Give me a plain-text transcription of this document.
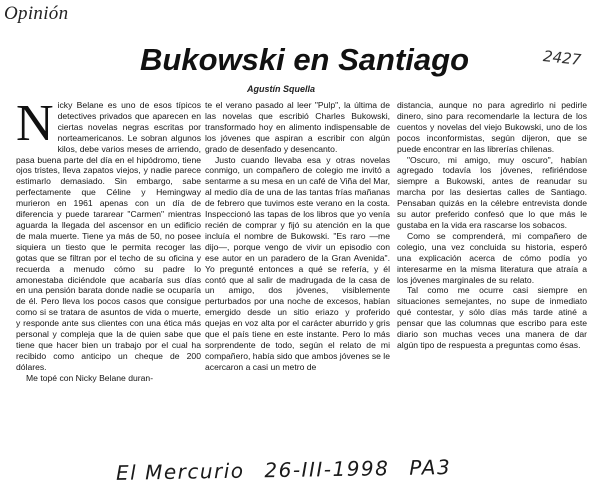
Opinión
2427
Bukowski en Santiago
Agustín Squella
N icky Belane es uno de esos típicos detectives privados que aparecen en ciertas novelas negras escritas por norteamericanos. Le sobran algunos kilos, debe varios meses de arriendo, pasa buena parte del día en el hipódromo, tiene ojos tristes, lleva zapatos viejos, y nadie parece estimarlo demasiado. Sin embargo, sabe perfectamente que Céline y Hemingway murieron en 1961 apenas con un día de diferencia y puede tararear "Carmen" mientras aguarda la llegada del ascensor en un edificio de mala muerte. Tiene ya más de 50, no posee siquiera un tiesto que le permita recoger las gotas que se filtran por el techo de su oficina y recuerda a menudo cómo su padre lo amonestaba diciéndole que acabaría sus días en una pensión barata donde nadie se ocuparía de él. Pero lleva los pocos casos que consigue como si se tratara de asuntos de vida o muerte, y responde ante sus clientes con una ética más personal y compleja que la de quien sabe que tiene que hacer bien un trabajo por el cual ha recibido como anticipo un cheque de 200 dólares.

Me topé con Nicky Belane duran-

te el verano pasado al leer "Pulp", la última de las novelas que escribió Charles Bukowski, transformado hoy en alimento indispensable de los jóvenes que aspiran a escribir con algún grado de desenfado y desencanto.

Justo cuando llevaba esa y otras novelas conmigo, un compañero de colegio me invitó a sentarme a su mesa en un café de Viña del Mar, al medio día de una de las tantas frías mañanas de febrero que tuvimos este verano en la costa. Inspeccionó las tapas de los libros que yo venía recién de comprar y fijó su atención en la que incluía el nombre de Bukowski. "Es raro —me dijo—, porque vengo de vivir un episodio con ese autor en un paradero de la Gran Avenida". Yo pregunté entonces a qué se refería, y él contó que al salir de madrugada de la casa de un amigo, dos jóvenes, visiblemente perturbados por una noche de excesos, habían emergido desde un sitio eriazo y proferido quejas en voz alta por el carácter aburrido y gris que el país tiene en este instante. Pero lo más sorprendente de todo, según el relato de mi compañero, había sido que ambos jóvenes se le acercaron a casi un metro de

distancia, aunque no para agredirlo ni pedirle dinero, sino para recomendarle la lectura de los cuentos y novelas del viejo Bukowski, uno de los pocos inconformistas, según dijeron, que se puede encontrar en las librerías chilenas.

"Oscuro, mi amigo, muy oscuro", habían agregado todavía los jóvenes, refiriéndose siempre a Bukowski, antes de reanudar su marcha por las desiertas calles de Santiago. Pensaban quizás en la célebre entrevista donde su autor preferido confesó que lo que más le gustaba en la vida era rascarse los sobacos.

Como se comprenderá, mi compañero de colegio, una vez concluida su historia, esperó una explicación acerca de cómo podía yo interesarme en la misma literatura que atraía a los jóvenes marginales de su relato.

Tal como me ocurre casi siempre en situaciones semejantes, no supe de inmediato qué contestar, y sólo días más tarde atiné a pensar que las columnas que escribo para este diario son muchas veces una manera de dar algún tipo de respuesta a preguntas como ésas.

El Mercurio 26-III-1998 PA3
